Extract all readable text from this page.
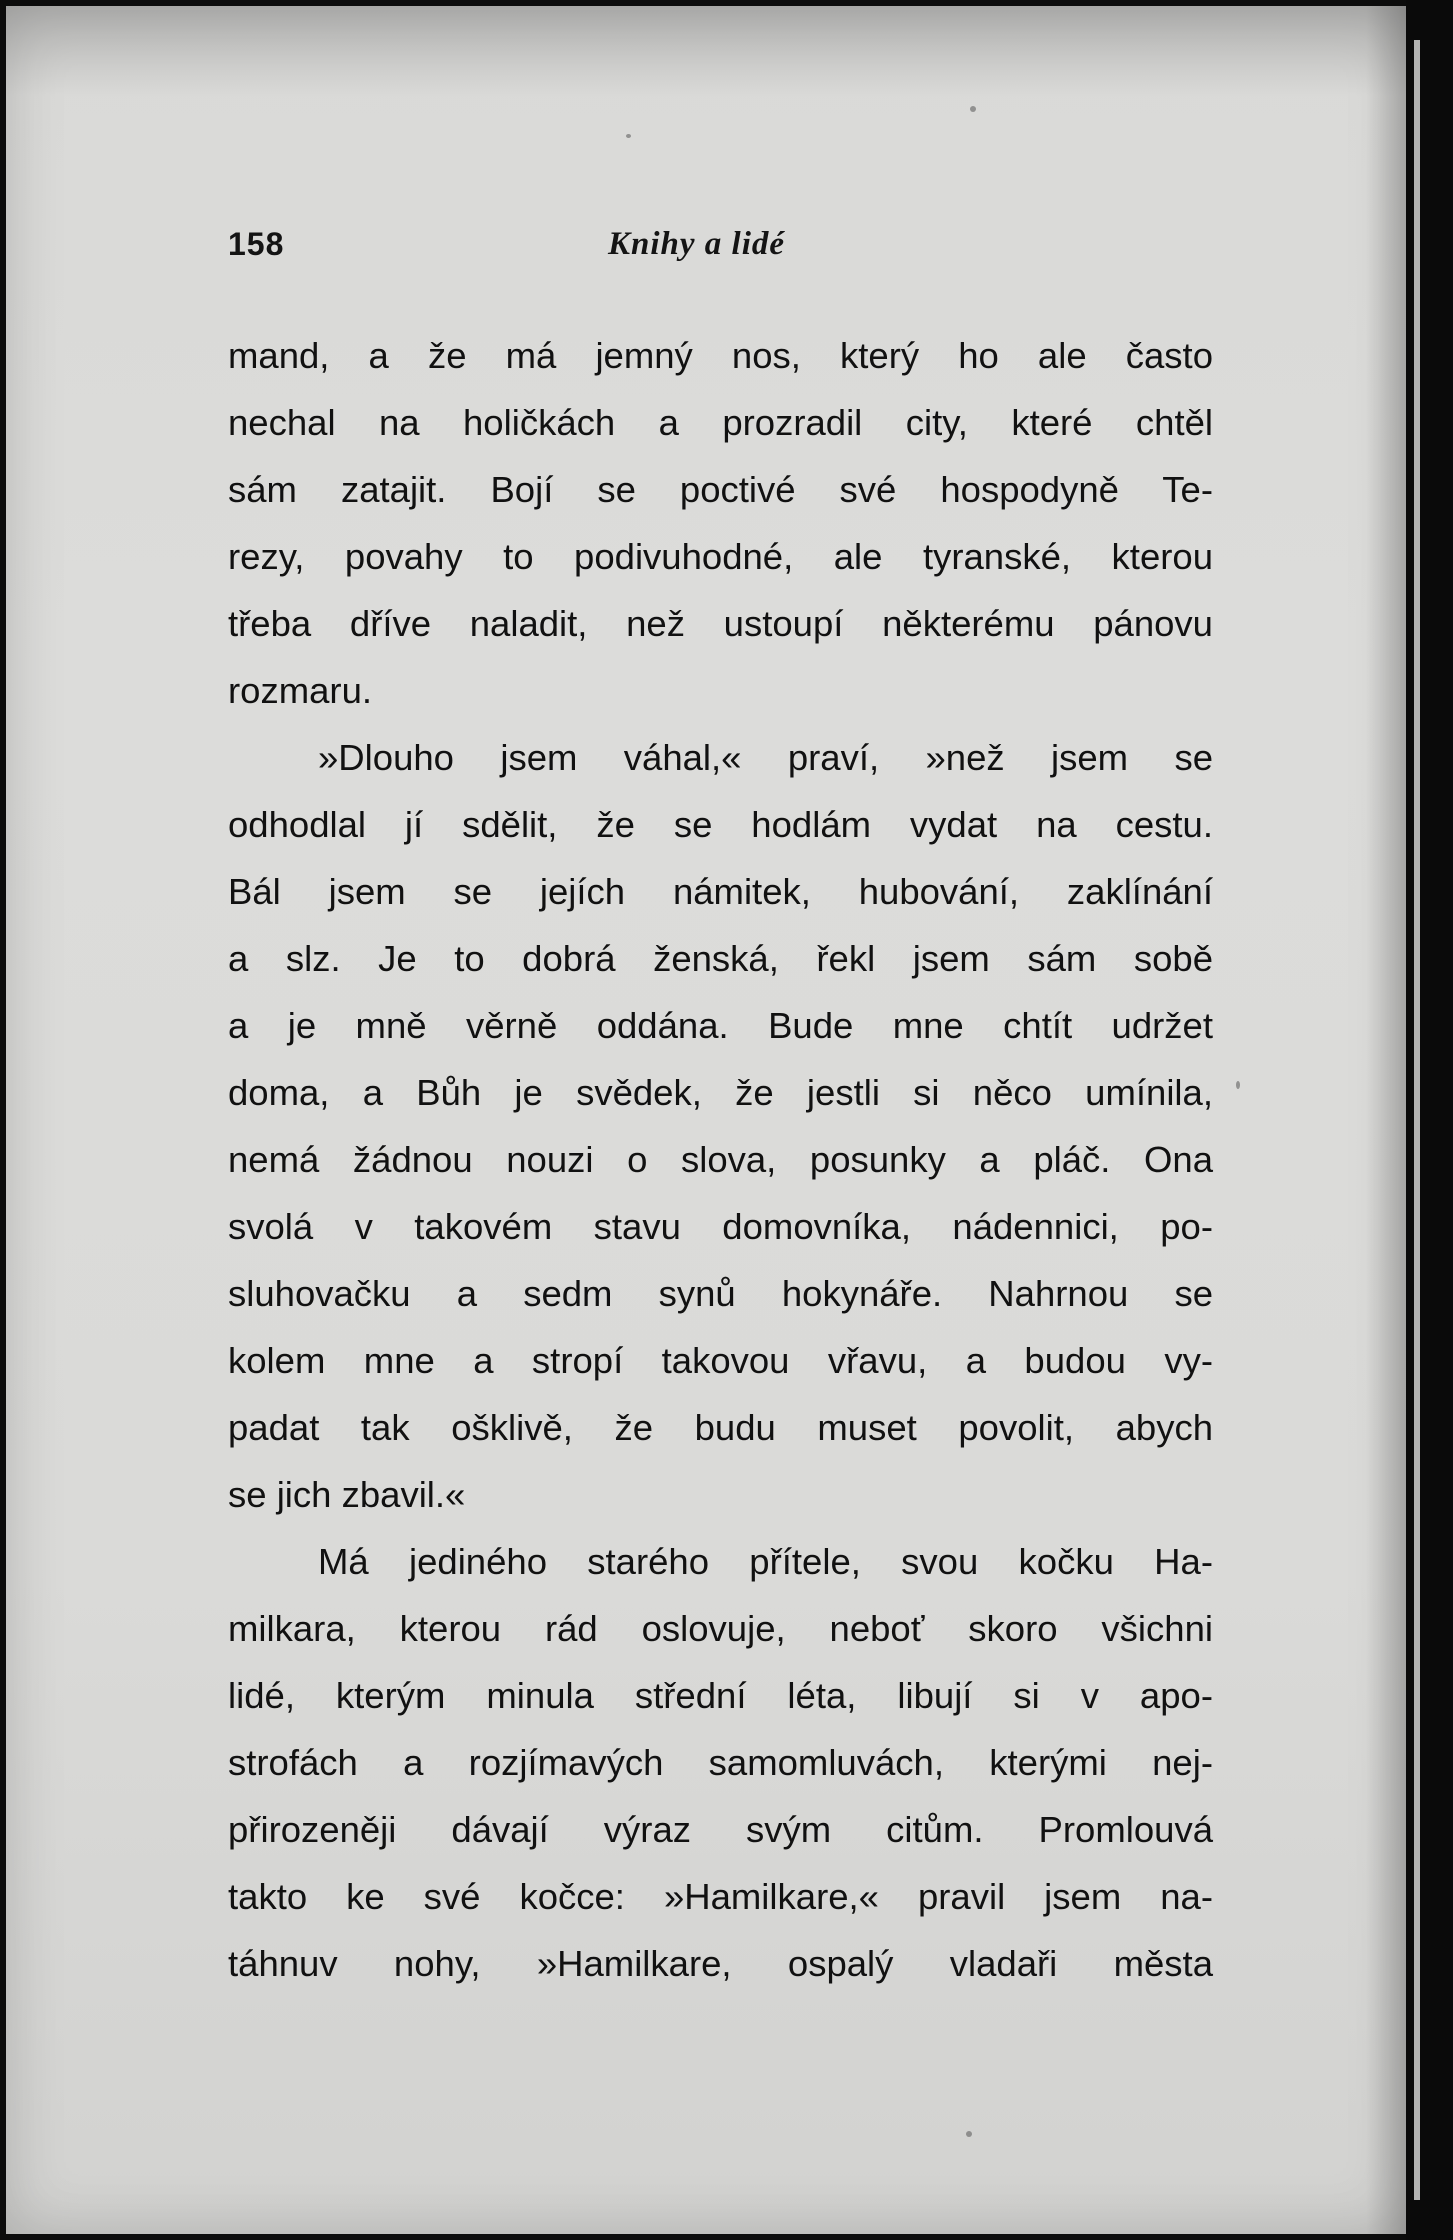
158	Knihy a lidé
mand, a že má jemný nos, který ho ale často
nechal na holičkách a prozradil city, které chtěl
sám zatajit. Bojí se poctivé své hospodyně Te-
rezy, povahy to podivuhodné, ale tyranské, kterou
třeba dříve naladit, než ustoupí některému pánovu
rozmaru.
»Dlouho jsem váhal,« praví, »než jsem se
odhodlal jí sdělit, že se hodlám vydat na cestu.
Bál jsem se jejích námitek, hubování, zaklínání
a slz. Je to dobrá ženská, řekl jsem sám sobě
a je mně věrně oddána. Bude mne chtít udržet
doma, a Bůh je svědek, že jestli si něco umínila,
nemá žádnou nouzi o slova, posunky a pláč. Ona
svolá v takovém stavu domovníka, nádennici, po-
sluhovačku a sedm synů hokynáře. Nahrnou se
kolem mne a stropí takovou vřavu, a budou vy-
padat tak ošklivě, že budu muset povolit, abych
se jich zbavil.«
Má jediného starého přítele, svou kočku Ha-
milkara, kterou rád oslovuje, neboť skoro všichni
lidé, kterým minula střední léta, libují si v apo-
strofách a rozjímavých samomluvách, kterými nej-
přirozeněji dávají výraz svým citům. Promlouvá
takto ke své kočce: »Hamilkare,« pravil jsem na-
táhnuv nohy, »Hamilkare, ospalý vladaři města
